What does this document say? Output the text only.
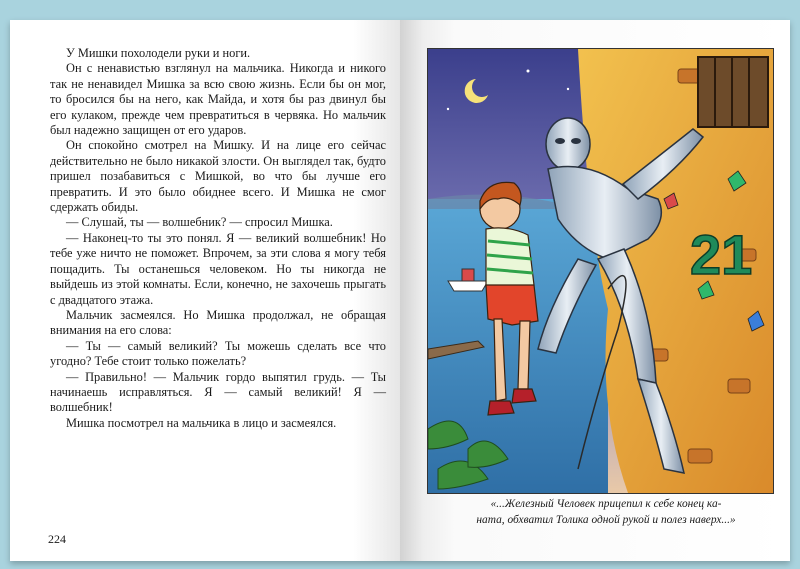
У Мишки похолодели руки и ноги.

Он с ненавистью взглянул на мальчика. Никогда и никого так не ненавидел Мишка за всю свою жизнь. Если бы он мог, то бросился бы на него, как Майда, и хотя бы раз двинул бы его кулаком, прежде чем превратиться в червяка. Но мальчик был надежно защищен от его ударов.

Он спокойно смотрел на Мишку. И на лице его сейчас действительно не было никакой злости. Он выглядел так, будто пришел позабавиться с Мишкой, во что бы лучше его превратить. И это было обиднее всего. И Мишка не смог сдержать обиды.

— Слушай, ты — волшебник? — спросил Мишка.

— Наконец-то ты это понял. Я — великий волшебник! Но тебе уже ничто не поможет. Впрочем, за эти слова я могу тебя пощадить. Ты останешься человеком. Но ты никогда не выйдешь из этой комнаты. Если, конечно, не захочешь прыгать с двадцатого этажа.

Мальчик засмеялся. Но Мишка продолжал, не обращая внимания на его слова:

— Ты — самый великий? Ты можешь сделать все что угодно? Тебе стоит только пожелать?

— Правильно! — Мальчик гордо выпятил грудь. — Ты начинаешь исправляться. Я — самый великий! Я — волшебник!

Мишка посмотрел на мальчика в лицо и засмеялся.

224
21
«...Железный Человек прицепил к себе конец ка-
ната, обхватил Толика одной рукой и полез наверх...»
